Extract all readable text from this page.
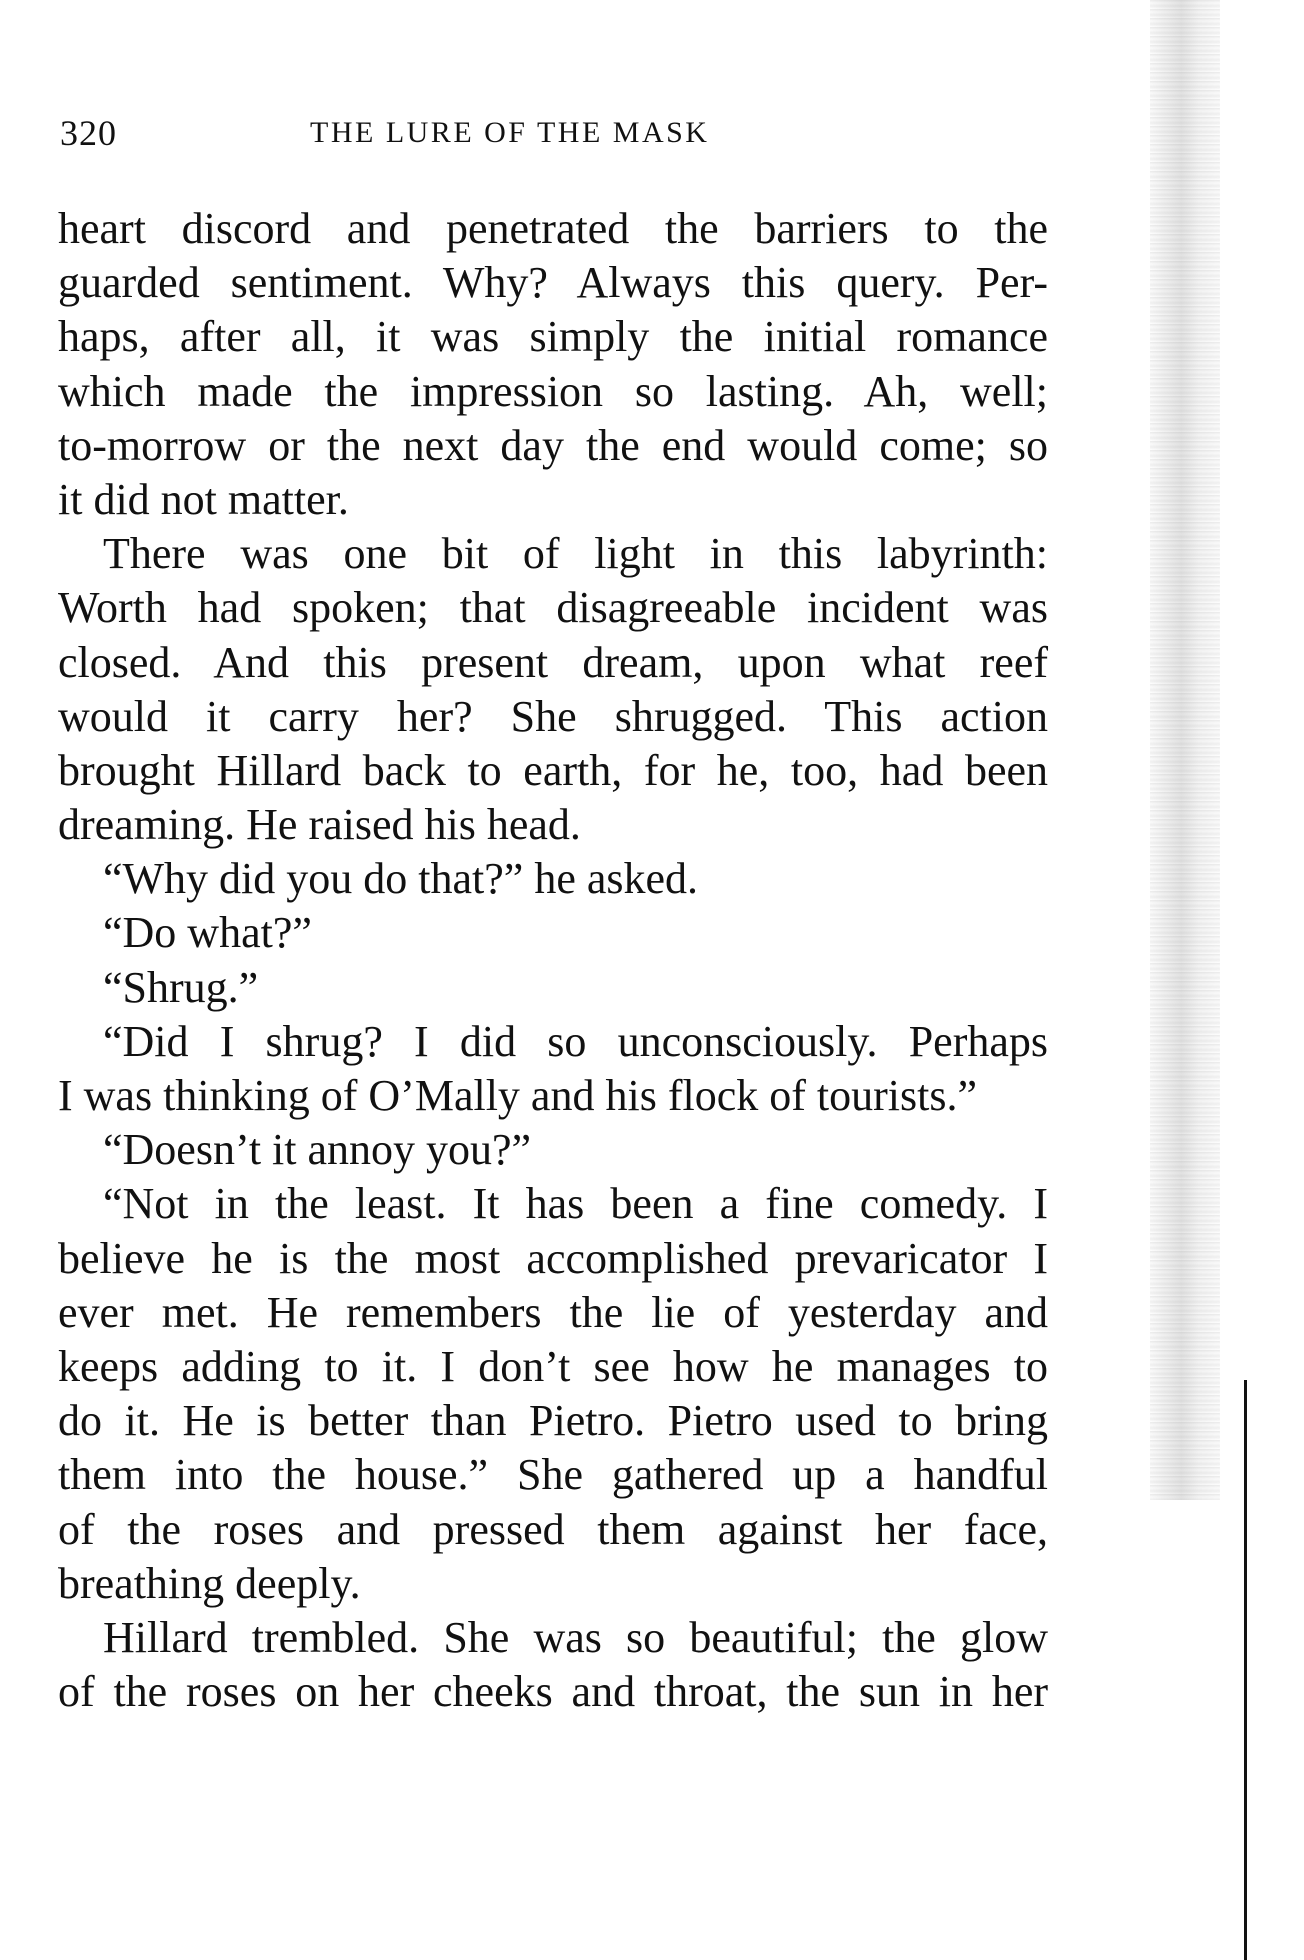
320	THE LURE OF THE MASK
heart discord and penetrated the barriers to the
guarded sentiment. Why? Always this query. Per-
haps, after all, it was simply the initial romance
which made the impression so lasting. Ah, well;
to-morrow or the next day the end would come; so
it did not matter.
There was one bit of light in this labyrinth:
Worth had spoken; that disagreeable incident was
closed. And this present dream, upon what reef
would it carry her? She shrugged. This action
brought Hillard back to earth, for he, too, had been
dreaming. He raised his head.
“Why did you do that?” he asked.
“Do what?”
“Shrug.”
“Did I shrug? I did so unconsciously. Perhaps
I was thinking of O’Mally and his flock of tourists.”
“Doesn’t it annoy you?”
“Not in the least. It has been a fine comedy. I
believe he is the most accomplished prevaricator I
ever met. He remembers the lie of yesterday and
keeps adding to it. I don’t see how he manages to
do it. He is better than Pietro. Pietro used to bring
them into the house.” She gathered up a handful
of the roses and pressed them against her face,
breathing deeply.
Hillard trembled. She was so beautiful; the glow
of the roses on her cheeks and throat, the sun in her
